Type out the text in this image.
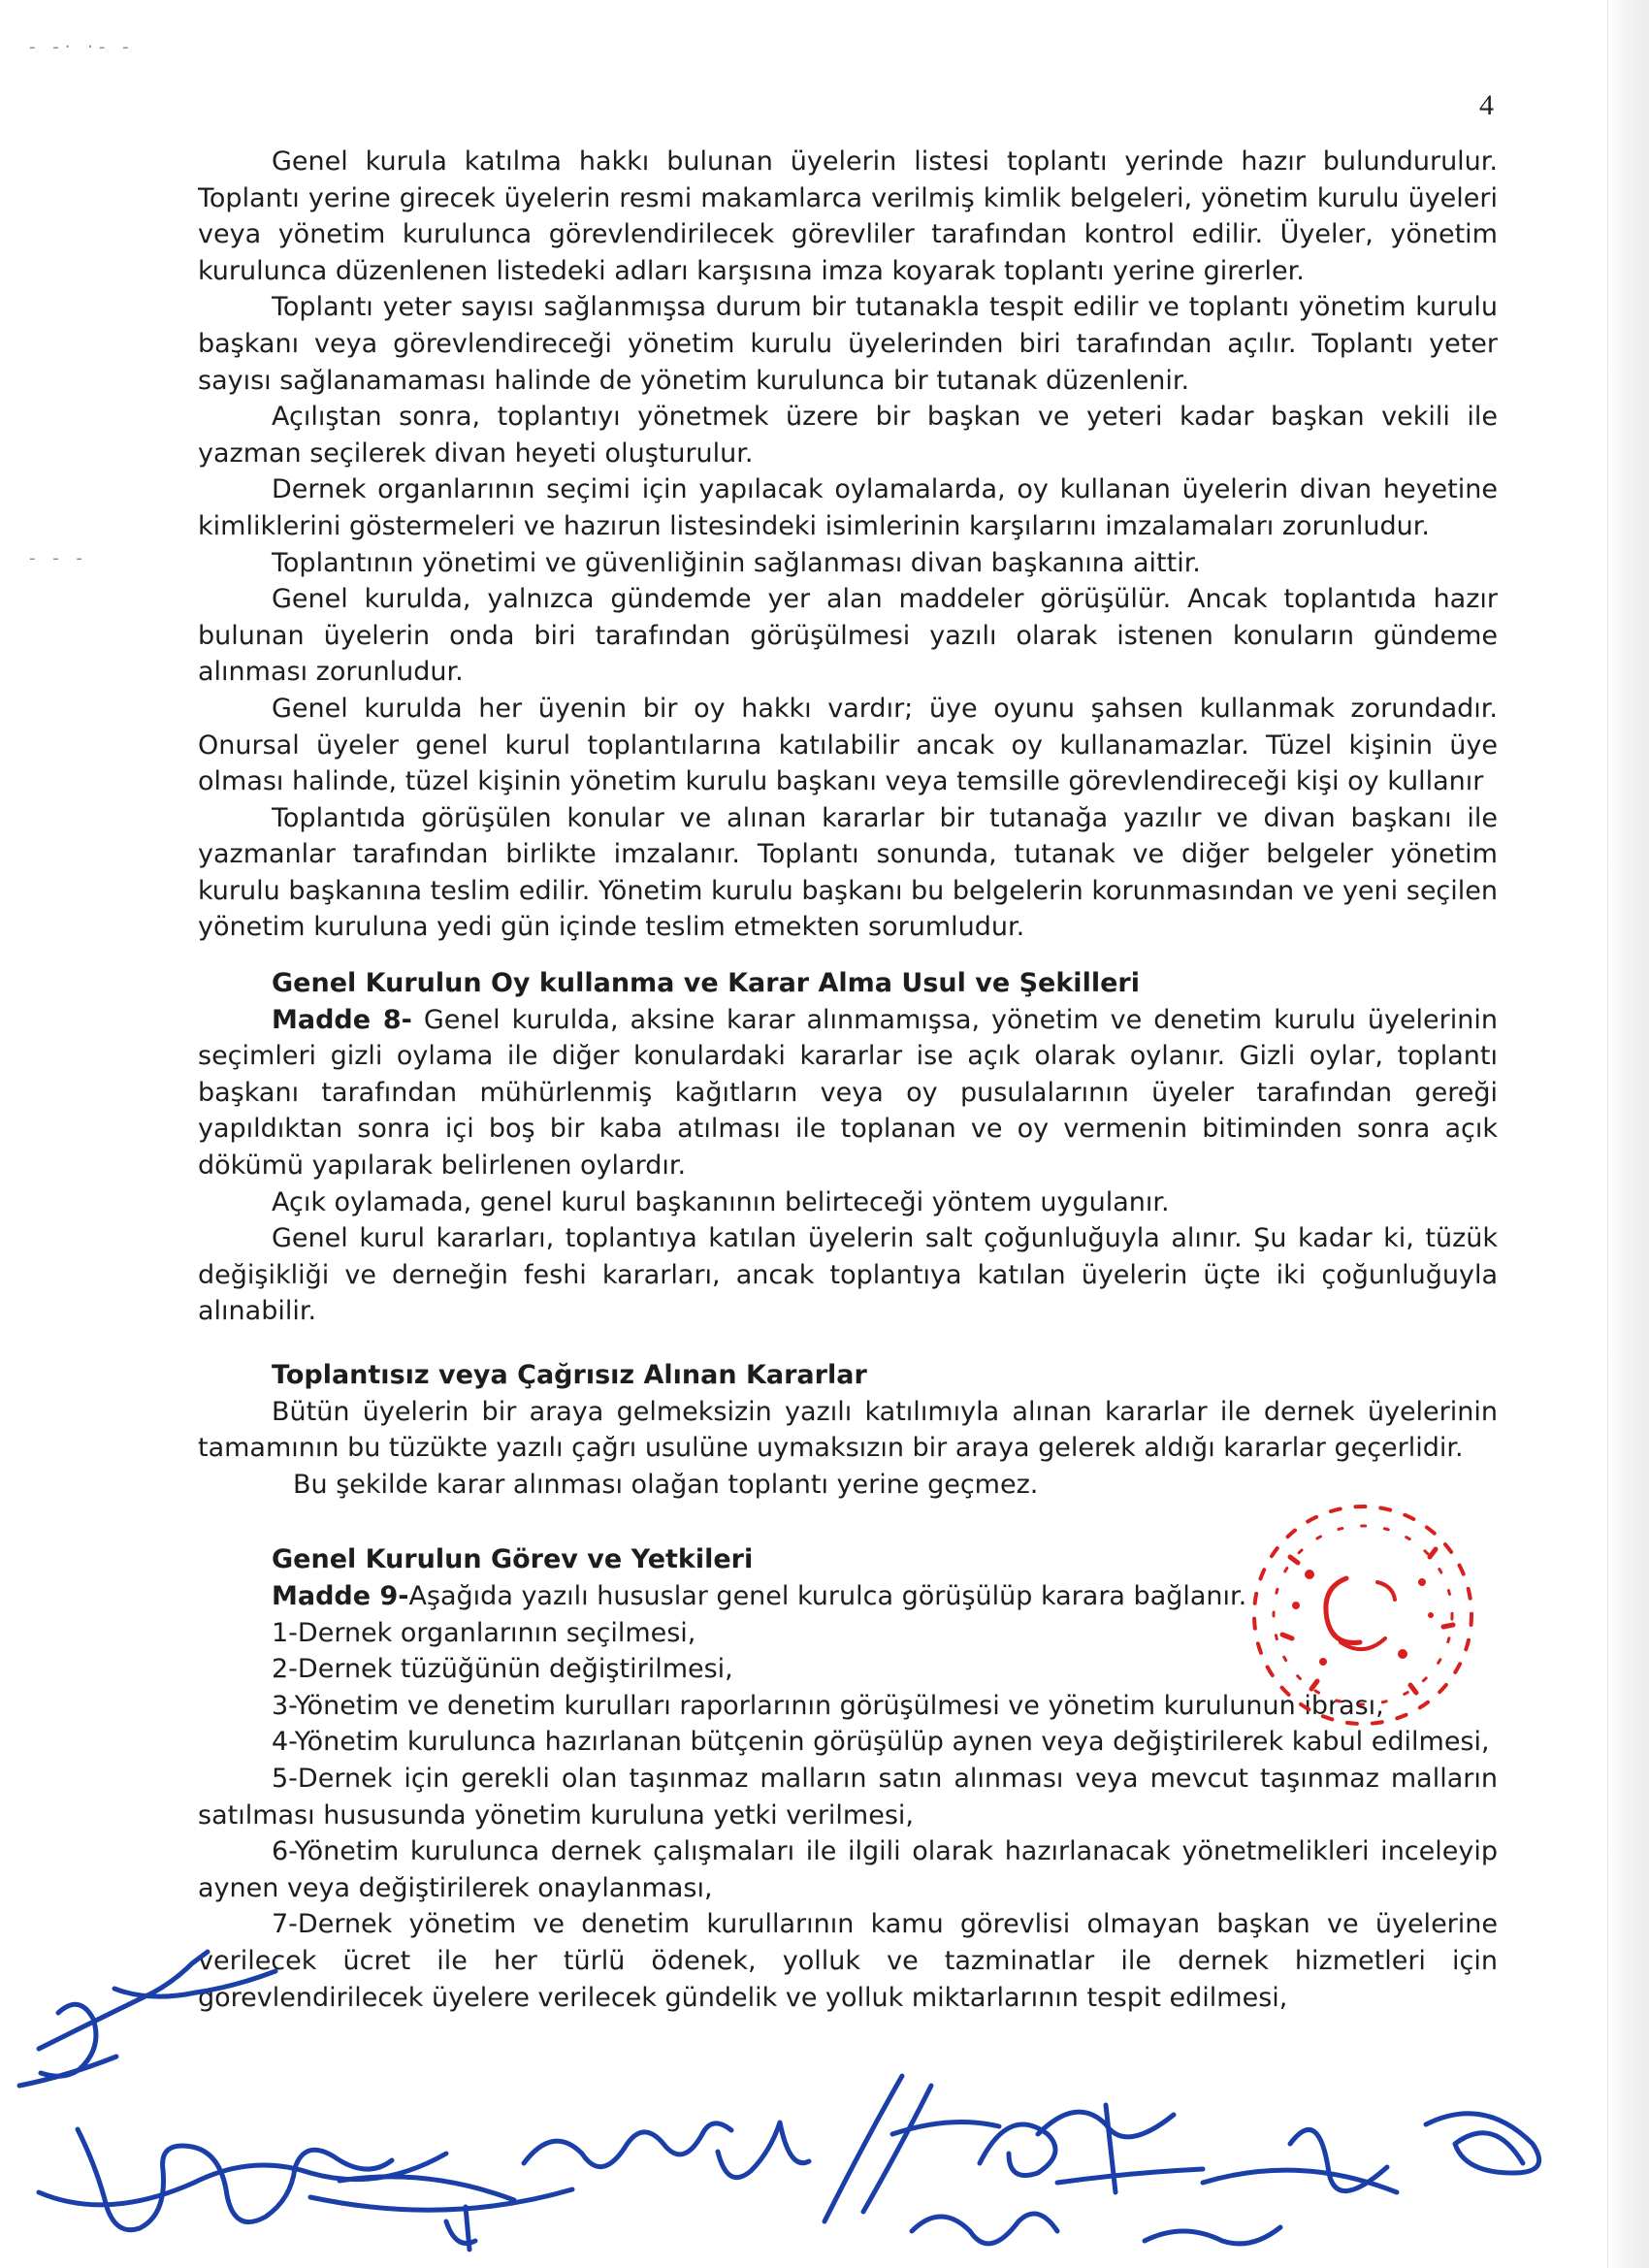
- -· ·- -
- - -
4

Genel kurula katılma hakkı bulunan üyelerin listesi toplantı yerinde hazır bulundurulur. Toplantı yerine girecek üyelerin resmi makamlarca verilmiş kimlik belgeleri, yönetim kurulu üyeleri veya yönetim kurulunca görevlendirilecek görevliler tarafından kontrol edilir. Üyeler, yönetim kurulunca düzenlenen listedeki adları karşısına imza koyarak toplantı yerine girerler.

Toplantı yeter sayısı sağlanmışsa durum bir tutanakla tespit edilir ve toplantı yönetim kurulu başkanı veya görevlendireceği yönetim kurulu üyelerinden biri tarafından açılır. Toplantı yeter sayısı sağlanamaması halinde de yönetim kurulunca bir tutanak düzenlenir.

Açılıştan sonra, toplantıyı yönetmek üzere bir başkan ve yeteri kadar başkan vekili ile yazman seçilerek divan heyeti oluşturulur.

Dernek organlarının seçimi için yapılacak oylamalarda, oy kullanan üyelerin divan heyetine kimliklerini göstermeleri ve hazırun listesindeki isimlerinin karşılarını imzalamaları zorunludur.

Toplantının yönetimi ve güvenliğinin sağlanması divan başkanına aittir.

Genel kurulda, yalnızca gündemde yer alan maddeler görüşülür. Ancak toplantıda hazır bulunan üyelerin onda biri tarafından görüşülmesi yazılı olarak istenen konuların gündeme alınması zorunludur.

Genel kurulda her üyenin bir oy hakkı vardır; üye oyunu şahsen kullanmak zorundadır. Onursal üyeler genel kurul toplantılarına katılabilir ancak oy kullanamazlar. Tüzel kişinin üye olması halinde, tüzel kişinin yönetim kurulu başkanı veya temsille görevlendireceği kişi oy kullanır

Toplantıda görüşülen konular ve alınan kararlar bir tutanağa yazılır ve divan başkanı ile yazmanlar tarafından birlikte imzalanır. Toplantı sonunda, tutanak ve diğer belgeler yönetim kurulu başkanına teslim edilir. Yönetim kurulu başkanı bu belgelerin korunmasından ve yeni seçilen yönetim kuruluna yedi gün içinde teslim etmekten sorumludur.

Genel Kurulun Oy kullanma ve Karar Alma Usul ve Şekilleri

Madde 8- Genel kurulda, aksine karar alınmamışsa, yönetim ve denetim kurulu üyelerinin seçimleri gizli oylama ile diğer konulardaki kararlar ise açık olarak oylanır. Gizli oylar, toplantı başkanı tarafından mühürlenmiş kağıtların veya oy pusulalarının üyeler tarafından gereği yapıldıktan sonra içi boş bir kaba atılması ile toplanan ve oy vermenin bitiminden sonra açık dökümü yapılarak belirlenen oylardır.

Açık oylamada, genel kurul başkanının belirteceği yöntem uygulanır.

Genel kurul kararları, toplantıya katılan üyelerin salt çoğunluğuyla alınır. Şu kadar ki, tüzük değişikliği ve derneğin feshi kararları, ancak toplantıya katılan üyelerin üçte iki çoğunluğuyla alınabilir.

Toplantısız veya Çağrısız Alınan Kararlar

Bütün üyelerin bir araya gelmeksizin yazılı katılımıyla alınan kararlar ile dernek üyelerinin tamamının bu tüzükte yazılı çağrı usulüne uymaksızın bir araya gelerek aldığı kararlar geçerlidir.

Bu şekilde karar alınması olağan toplantı yerine geçmez.

Genel Kurulun Görev ve Yetkileri

Madde 9-Aşağıda yazılı hususlar genel kurulca görüşülüp karara bağlanır.

1-Dernek organlarının seçilmesi,

2-Dernek tüzüğünün değiştirilmesi,

3-Yönetim ve denetim kurulları raporlarının görüşülmesi ve yönetim kurulunun ibrası,

4-Yönetim kurulunca hazırlanan bütçenin görüşülüp aynen veya değiştirilerek kabul edilmesi,

5-Dernek için gerekli olan taşınmaz malların satın alınması veya mevcut taşınmaz malların satılması hususunda yönetim kuruluna yetki verilmesi,

6-Yönetim kurulunca dernek çalışmaları ile ilgili olarak hazırlanacak yönetmelikleri inceleyip aynen veya değiştirilerek onaylanması,

7-Dernek yönetim ve denetim kurullarının kamu görevlisi olmayan başkan ve üyelerine verilecek ücret ile her türlü ödenek, yolluk ve tazminatlar ile dernek hizmetleri için görevlendirilecek üyelere verilecek gündelik ve yolluk miktarlarının tespit edilmesi,
